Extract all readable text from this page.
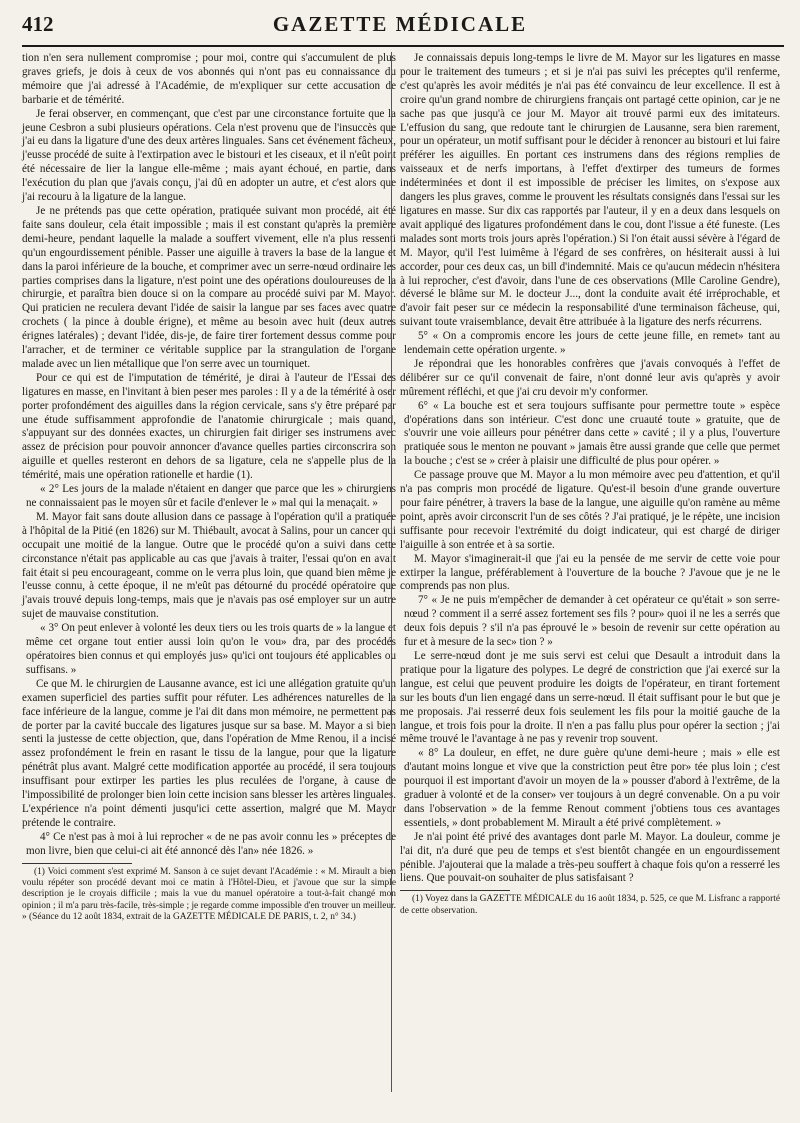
412	GAZETTE MÉDICALE

tion n'en sera nullement compromise ; pour moi, contre qui s'accumulent de plus graves griefs, je dois à ceux de vos abonnés qui n'ont pas eu connaissance du mémoire que j'ai adressé à l'Académie, de m'expliquer sur cette accusation de barbarie et de témérité.

Je ferai observer, en commençant, que c'est par une circonstance fortuite que la jeune Cesbron a subi plusieurs opérations. Cela n'est provenu que de l'insuccès que j'ai eu dans la ligature d'une des deux artères linguales. Sans cet événement fâcheux, j'eusse procédé de suite à l'extirpation avec le bistouri et les ciseaux, et il n'eût point été nécessaire de lier la langue elle-même ; mais ayant échoué, en partie, dans l'exécution du plan que j'avais conçu, j'ai dû en adopter un autre, et c'est alors que j'ai recouru à la ligature de la langue.

Je ne prétends pas que cette opération, pratiquée suivant mon procédé, ait été faite sans douleur, cela était impossible ; mais il est constant qu'après la première demi-heure, pendant laquelle la malade a souffert vivement, elle n'a plus ressenti qu'un engourdissement pénible. Passer une aiguille à travers la base de la langue et dans la paroi inférieure de la bouche, et comprimer avec un serre-nœud ordinaire les parties comprises dans la ligature, n'est point une des opérations douloureuses de la chirurgie, et paraîtra bien douce si on la compare au procédé suivi par M. Mayor. Qui praticien ne reculera devant l'idée de saisir la langue par ses faces avec quatre crochets ( la pince à double érigne), et même au besoin avec huit (deux autres érignes latérales) ; devant l'idée, dis-je, de faire tirer fortement dessus comme pour l'arracher, et de terminer ce véritable supplice par la strangulation de l'organe malade avec un lien métallique que l'on serre avec un tourniquet.

Pour ce qui est de l'imputation de témérité, je dirai à l'auteur de l'Essai des ligatures en masse, en l'invitant à bien peser mes paroles : Il y a de la témérité à oser porter profondément des aiguilles dans la région cervicale, sans s'y être préparé par une étude suffisamment approfondie de l'anatomie chirurgicale ; mais quand, s'appuyant sur des données exactes, un chirurgien fait diriger ses instrumens avec assez de précision pour pouvoir annoncer d'avance quelles parties circonscrira son aiguille et quelles resteront en dehors de sa ligature, cela ne s'appelle plus de la témérité, mais une opération rationelle et hardie (1).

« 2° Les jours de la malade n'étaient en danger que parce que les » chirurgiens ne connaissaient pas le moyen sûr et facile d'enlever le » mal qui la menaçait. »

M. Mayor fait sans doute allusion dans ce passage à l'opération qu'il a pratiquée à l'hôpital de la Pitié (en 1826) sur M. Thiébault, avocat à Salins, pour un cancer qui occupait une moitié de la langue. Outre que le procédé qu'on a suivi dans cette circonstance n'était pas applicable au cas que j'avais à traiter, l'essai qu'on en avait fait était si peu encourageant, comme on le verra plus loin, que quand bien même je l'eusse connu, à cette époque, il ne m'eût pas détourné du procédé opératoire que j'avais trouvé depuis long-temps, mais que je n'avais pas osé employer sur un autre sujet de mauvaise constitution.

« 3° On peut enlever à volonté les deux tiers ou les trois quarts de » la langue et même cet organe tout entier aussi loin qu'on le vou» dra, par des procédés opératoires bien connus et qui employés jus» qu'ici ont toujours été applicables ou suffisans. »

Ce que M. le chirurgien de Lausanne avance, est ici une allégation gratuite qu'un examen superficiel des parties suffit pour réfuter. Les adhérences naturelles de la face inférieure de la langue, comme je l'ai dit dans mon mémoire, ne permettent pas de porter par la cavité buccale des ligatures jusque sur sa base. M. Mayor a si bien senti la justesse de cette objection, que, dans l'opération de Mme Renou, il a incisé assez profondément le frein en rasant le tissu de la langue, pour que la ligature pénétrât plus avant. Malgré cette modification apportée au procédé, il sera toujours insuffisant pour extirper les parties les plus reculées de l'organe, à cause de l'impossibilité de prolonger bien loin cette incision sans blesser les artères linguales. L'expérience n'a point démenti jusqu'ici cette assertion, malgré que M. Mayor prétende le contraire.

4° Ce n'est pas à moi à lui reprocher « de ne pas avoir connu les » préceptes de mon livre, bien que celui-ci ait été annoncé dès l'an» née 1826. »

(1) Voici comment s'est exprimé M. Sanson à ce sujet devant l'Académie : « M. Mirault a bien voulu répéter son procédé devant moi ce matin à l'Hôtel-Dieu, et j'avoue que sur la simple description je le croyais difficile ; mais la vue du manuel opératoire a tout-à-fait changé mon opinion ; il m'a paru très-facile, très-simple ; je regarde comme impossible d'en trouver un meilleur. » (Séance du 12 août 1834, extrait de la GAZETTE MÉDICALE DE PARIS, t. 2, n° 34.)

Je connaissais depuis long-temps le livre de M. Mayor sur les ligatures en masse pour le traitement des tumeurs ; et si je n'ai pas suivi les préceptes qu'il renferme, c'est qu'après les avoir médités je n'ai pas été convaincu de leur excellence. Il est à croire qu'un grand nombre de chirurgiens français ont partagé cette opinion, car je ne sache pas que jusqu'à ce jour M. Mayor ait trouvé parmi eux des imitateurs. L'effusion du sang, que redoute tant le chirurgien de Lausanne, sera bien rarement, pour un opérateur, un motif suffisant pour le décider à renoncer au bistouri et lui faire préférer les aiguilles. En portant ces instrumens dans des régions remplies de vaisseaux et de nerfs importans, à l'effet d'extirper des tumeurs de formes indéterminées et dont il est impossible de préciser les limites, on s'expose aux dangers les plus graves, comme le prouvent les résultats consignés dans l'essai sur les ligatures en masse. Sur dix cas rapportés par l'auteur, il y en a deux dans lesquels on avait appliqué des ligatures profondément dans le cou, dont l'issue a été funeste. (Les malades sont morts trois jours après l'opération.) Si l'on était aussi sévère à l'égard de M. Mayor, qu'il l'est luimême à l'égard de ses confrères, on hésiterait aussi à lui accorder, pour ces deux cas, un bill d'indemnité. Mais ce qu'aucun médecin n'hésitera à lui reprocher, c'est d'avoir, dans l'une de ces observations (Mlle Caroline Gendre), déversé le blâme sur M. le docteur J..., dont la conduite avait été irréprochable, et d'avoir fait peser sur ce médecin la responsabilité d'une terminaison fâcheuse, qui, suivant toute vraisemblance, devait être attribuée à la ligature des nerfs récurrens.

5° « On a compromis encore les jours de cette jeune fille, en remet» tant au lendemain cette opération urgente. »

Je répondrai que les honorables confrères que j'avais convoqués à l'effet de délibérer sur ce qu'il convenait de faire, n'ont donné leur avis qu'après y avoir mûrement réfléchi, et que j'ai cru devoir m'y conformer.

6° « La bouche est et sera toujours suffisante pour permettre toute » espèce d'opérations dans son intérieur. C'est donc une cruauté toute » gratuite, que de s'ouvrir une voie ailleurs pour pénétrer dans cette » cavité ; il y a plus, l'ouverture pratiquée sous le menton ne pouvant » jamais être aussi grande que celle que permet la bouche ; c'est se » créer à plaisir une difficulté de plus pour opérer. »

Ce passage prouve que M. Mayor a lu mon mémoire avec peu d'attention, et qu'il n'a pas compris mon procédé de ligature. Qu'est-il besoin d'une grande ouverture pour faire pénétrer, à travers la base de la langue, une aiguille qu'on ramène au même point, après avoir circonscrit l'un de ses côtés ? J'ai pratiqué, je le répète, une incision suffisante pour recevoir l'extrémité du doigt indicateur, qui est chargé de diriger l'aiguille à son entrée et à sa sortie.

M. Mayor s'imaginerait-il que j'ai eu la pensée de me servir de cette voie pour extirper la langue, préférablement à l'ouverture de la bouche ? J'avoue que je ne le comprends pas non plus.

7° « Je ne puis m'empêcher de demander à cet opérateur ce qu'était » son serre-nœud ? comment il a serré assez fortement ses fils ? pour» quoi il ne les a serrés que deux fois depuis ? s'il n'a pas éprouvé le » besoin de revenir sur cette opération au fur et à mesure de la sec» tion ? »

Le serre-nœud dont je me suis servi est celui que Desault a introduit dans la pratique pour la ligature des polypes. Le degré de constriction que j'ai exercé sur la langue, est celui que peuvent produire les doigts de l'opérateur, en tirant fortement sur les bouts d'un lien engagé dans un serre-nœud. Il était suffisant pour le but que je me proposais. J'ai resserré deux fois seulement les fils pour la moitié gauche de la langue, et trois fois pour la droite. Il n'en a pas fallu plus pour opérer la section ; j'ai même trouvé le l'avantage à ne pas y revenir trop souvent.

« 8° La douleur, en effet, ne dure guère qu'une demi-heure ; mais » elle est d'autant moins longue et vive que la constriction peut être por» tée plus loin ; c'est pourquoi il est important d'avoir un moyen de la » pousser d'abord à l'extrême, de la graduer à volonté et de la conser» ver toujours à un degré convenable. On a pu voir dans l'observation » de la femme Renout comment j'obtiens tous ces avantages essentiels, » dont probablement M. Mirault a été privé complètement. »

Je n'ai point été privé des avantages dont parle M. Mayor. La douleur, comme je l'ai dit, n'a duré que peu de temps et s'est bientôt changée en un engourdissement pénible. J'ajouterai que la malade a très-peu souffert à chaque fois qu'on a resserré les liens. Que pouvait-on souhaiter de plus satisfaisant ?

(1) Voyez dans la GAZETTE MÉDICALE du 16 août 1834, p. 525, ce que M. Lisfranc a rapporté de cette observation.
